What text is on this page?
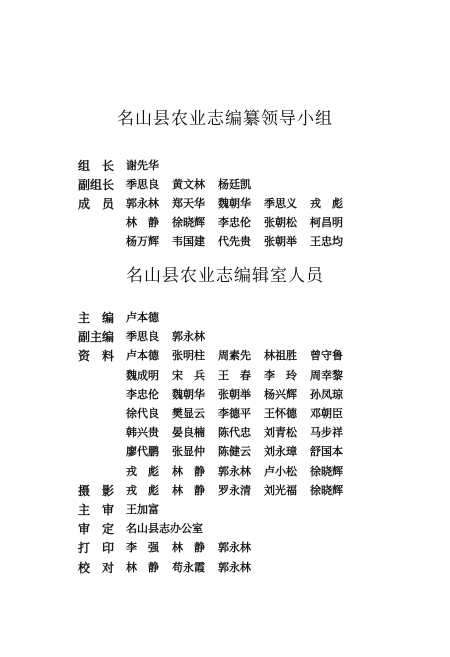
名山县农业志编纂领导小组
组　长 谢先华
副组长 季思良 黄文林 杨廷凯
成　员 郭永林 郑天华 魏朝华 季思义 戎　彪
林　静 徐晓辉 李忠伦 张朝松 柯昌明
杨万辉 韦国建 代先贵 张朝举 王忠均
名山县农业志编辑室人员
主　编 卢本德
副主编 季思良 郭永林
资　料 卢本德 张明柱 周素先 林祖胜 曾守鲁
魏成明 宋　兵 王　春 李　玲 周幸黎
李忠伦 魏朝华 张朝举 杨兴辉 孙凤琼
徐代良 樊显云 李德平 王怀德 邓朝臣
韩兴贵 晏良楠 陈代忠 刘青松 马步祥
廖代鹏 张显仲 陈健云 刘永璋 舒国本
戎　彪 林　静 郭永林 卢小松 徐晓辉
摄　影 戎　彪 林　静 罗永清 刘光福 徐晓辉
主　审 王加富
审　定 名山县志办公室
打　印 李　强 林　静 郭永林
校　对 林　静 苟永霞 郭永林
